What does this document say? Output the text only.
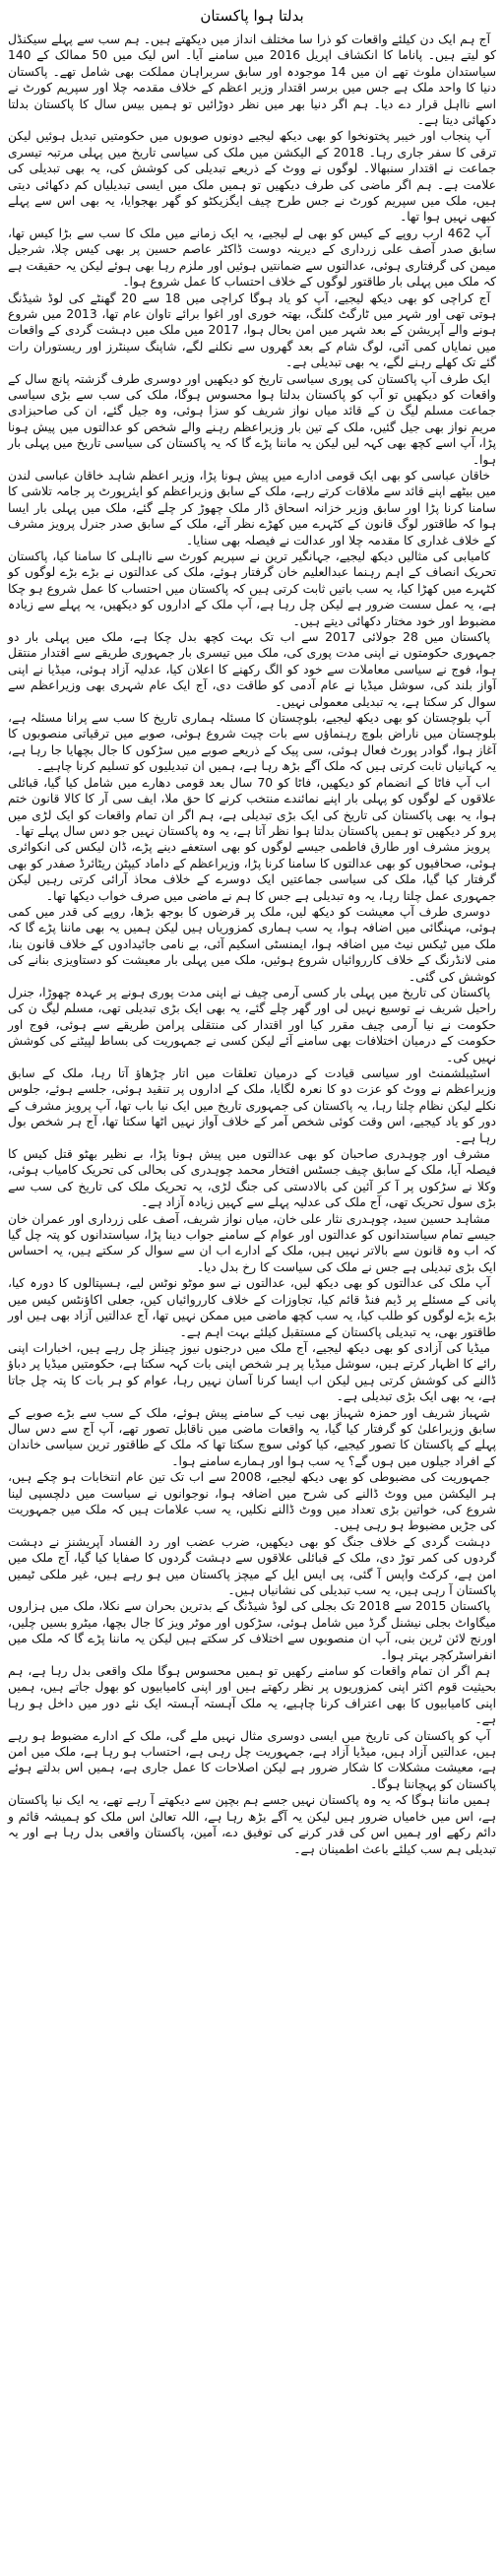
بدلتا ہوا پاکستان

آج ہم ایک دن کیلئے واقعات کو ذرا سا مختلف انداز میں دیکھتے ہیں۔ ہم سب سے پہلے سیکنڈل کو لیتے ہیں۔ پاناما کا انکشاف اپریل 2016 میں سامنے آیا۔ اس لیک میں 50 ممالک کے 140 سیاستدان ملوث تھے ان میں 14 موجودہ اور سابق سربراہان مملکت بھی شامل تھے۔ پاکستان دنیا کا واحد ملک ہے جس میں برسر اقتدار وزیر اعظم کے خلاف مقدمہ چلا اور سپریم کورٹ نے اسے نااہل قرار دے دیا۔ ہم اگر دنیا بھر میں نظر دوڑائیں تو ہمیں بیس سال کا پاکستان بدلتا دکھائی دیتا ہے۔

آپ پنجاب اور خیبر پختونخوا کو بھی دیکھ لیجیے دونوں صوبوں میں حکومتیں تبدیل ہوئیں لیکن ترقی کا سفر جاری رہا۔ 2018 کے الیکشن میں ملک کی سیاسی تاریخ میں پہلی مرتبہ تیسری جماعت نے اقتدار سنبھالا۔ لوگوں نے ووٹ کے ذریعے تبدیلی کی کوشش کی، یہ بھی تبدیلی کی علامت ہے۔ ہم اگر ماضی کی طرف دیکھیں تو ہمیں ملک میں ایسی تبدیلیاں کم دکھائی دیتی ہیں، ملک میں سپریم کورٹ نے جس طرح چیف ایگزیکٹو کو گھر بھجوایا، یہ بھی اس سے پہلے کبھی نہیں ہوا تھا۔

آپ 462 ارب روپے کے کیس کو بھی لے لیجیے، یہ ایک زمانے میں ملک کا سب سے بڑا کیس تھا، سابق صدر آصف علی زرداری کے دیرینہ دوست ڈاکٹر عاصم حسین پر بھی کیس چلا، شرجیل میمن کی گرفتاری ہوئی، عدالتوں سے ضمانتیں ہوئیں اور ملزم رہا بھی ہوئے لیکن یہ حقیقت ہے کہ ملک میں پہلی بار طاقتور لوگوں کے خلاف احتساب کا عمل شروع ہوا۔

آج کراچی کو بھی دیکھ لیجیے، آپ کو یاد ہوگا کراچی میں 18 سے 20 گھنٹے کی لوڈ شیڈنگ ہوتی تھی اور شہر میں ٹارگٹ کلنگ، بھتہ خوری اور اغوا برائے تاوان عام تھا، 2013 میں شروع ہونے والے آپریشن کے بعد شہر میں امن بحال ہوا، 2017 میں ملک میں دہشت گردی کے واقعات میں نمایاں کمی آئی، لوگ شام کے بعد گھروں سے نکلنے لگے، شاپنگ سینٹرز اور ریستوران رات گئے تک کھلے رہنے لگے، یہ بھی تبدیلی ہے۔

ایک طرف آپ پاکستان کی پوری سیاسی تاریخ کو دیکھیں اور دوسری طرف گزشتہ پانچ سال کے واقعات کو دیکھیں تو آپ کو پاکستان بدلتا ہوا محسوس ہوگا، ملک کی سب سے بڑی سیاسی جماعت مسلم لیگ ن کے قائد میاں نواز شریف کو سزا ہوئی، وہ جیل گئے، ان کی صاحبزادی مریم نواز بھی جیل گئیں، ملک کے تین بار وزیراعظم رہنے والے شخص کو عدالتوں میں پیش ہونا پڑا، آپ اسے کچھ بھی کہہ لیں لیکن یہ ماننا پڑے گا کہ یہ پاکستان کی سیاسی تاریخ میں پہلی بار ہوا۔

خاقان عباسی کو بھی ایک قومی ادارے میں پیش ہونا پڑا، وزیر اعظم شاہد خاقان عباسی لندن میں بیٹھے اپنے قائد سے ملاقات کرتے رہے، ملک کے سابق وزیراعظم کو ایئرپورٹ پر جامہ تلاشی کا سامنا کرنا پڑا اور سابق وزیر خزانہ اسحاق ڈار ملک چھوڑ کر چلے گئے، ملک میں پہلی بار ایسا ہوا کہ طاقتور لوگ قانون کے کٹہرے میں کھڑے نظر آئے، ملک کے سابق صدر جنرل پرویز مشرف کے خلاف غداری کا مقدمہ چلا اور عدالت نے فیصلہ بھی سنایا۔

کامیابی کی مثالیں دیکھ لیجیے، جہانگیر ترین نے سپریم کورٹ سے نااہلی کا سامنا کیا، پاکستان تحریک انصاف کے اہم رہنما عبدالعلیم خان گرفتار ہوئے، ملک کی عدالتوں نے بڑے بڑے لوگوں کو کٹہرے میں کھڑا کیا، یہ سب باتیں ثابت کرتی ہیں کہ پاکستان میں احتساب کا عمل شروع ہو چکا ہے، یہ عمل سست ضرور ہے لیکن چل رہا ہے، آپ ملک کے اداروں کو دیکھیں، یہ پہلے سے زیادہ مضبوط اور خود مختار دکھائی دیتے ہیں۔

پاکستان میں 28 جولائی 2017 سے اب تک بہت کچھ بدل چکا ہے، ملک میں پہلی بار دو جمہوری حکومتوں نے اپنی مدت پوری کی، ملک میں تیسری بار جمہوری طریقے سے اقتدار منتقل ہوا، فوج نے سیاسی معاملات سے خود کو الگ رکھنے کا اعلان کیا، عدلیہ آزاد ہوئی، میڈیا نے اپنی آواز بلند کی، سوشل میڈیا نے عام آدمی کو طاقت دی، آج ایک عام شہری بھی وزیراعظم سے سوال کر سکتا ہے، یہ تبدیلی معمولی نہیں۔

آپ بلوچستان کو بھی دیکھ لیجیے، بلوچستان کا مسئلہ ہماری تاریخ کا سب سے پرانا مسئلہ ہے، بلوچستان میں ناراض بلوچ رہنماؤں سے بات چیت شروع ہوئی، صوبے میں ترقیاتی منصوبوں کا آغاز ہوا، گوادر پورٹ فعال ہوئی، سی پیک کے ذریعے صوبے میں سڑکوں کا جال بچھایا جا رہا ہے، یہ کہانیاں ثابت کرتی ہیں کہ ملک آگے بڑھ رہا ہے، ہمیں ان تبدیلیوں کو تسلیم کرنا چاہیے۔

اب آپ فاٹا کے انضمام کو دیکھیں، فاٹا کو 70 سال بعد قومی دھارے میں شامل کیا گیا، قبائلی علاقوں کے لوگوں کو پہلی بار اپنے نمائندے منتخب کرنے کا حق ملا، ایف سی آر کا کالا قانون ختم ہوا، یہ بھی پاکستان کی تاریخ کی ایک بڑی تبدیلی ہے، ہم اگر ان تمام واقعات کو ایک لڑی میں پرو کر دیکھیں تو ہمیں پاکستان بدلتا ہوا نظر آتا ہے، یہ وہ پاکستان نہیں جو دس سال پہلے تھا۔

پرویز مشرف اور طارق فاطمی جیسے لوگوں کو بھی استعفے دینے پڑے، ڈان لیکس کی انکوائری ہوئی، صحافیوں کو بھی عدالتوں کا سامنا کرنا پڑا، وزیراعظم کے داماد کیپٹن ریٹائرڈ صفدر کو بھی گرفتار کیا گیا، ملک کی سیاسی جماعتیں ایک دوسرے کے خلاف محاذ آرائی کرتی رہیں لیکن جمہوری عمل چلتا رہا، یہ وہ تبدیلی ہے جس کا ہم نے ماضی میں صرف خواب دیکھا تھا۔

دوسری طرف آپ معیشت کو دیکھ لیں، ملک پر قرضوں کا بوجھ بڑھا، روپے کی قدر میں کمی ہوئی، مہنگائی میں اضافہ ہوا، یہ سب ہماری کمزوریاں ہیں لیکن ہمیں یہ بھی ماننا پڑے گا کہ ملک میں ٹیکس نیٹ میں اضافہ ہوا، ایمنسٹی اسکیم آئی، بے نامی جائیدادوں کے خلاف قانون بنا، منی لانڈرنگ کے خلاف کارروائیاں شروع ہوئیں، ملک میں پہلی بار معیشت کو دستاویزی بنانے کی کوشش کی گئی۔

پاکستان کی تاریخ میں پہلی بار کسی آرمی چیف نے اپنی مدت پوری ہونے پر عہدہ چھوڑا، جنرل راحیل شریف نے توسیع نہیں لی اور گھر چلے گئے، یہ بھی ایک بڑی تبدیلی تھی، مسلم لیگ ن کی حکومت نے نیا آرمی چیف مقرر کیا اور اقتدار کی منتقلی پرامن طریقے سے ہوئی، فوج اور حکومت کے درمیان اختلافات بھی سامنے آئے لیکن کسی نے جمہوریت کی بساط لپیٹنے کی کوشش نہیں کی۔

اسٹیبلشمنٹ اور سیاسی قیادت کے درمیان تعلقات میں اتار چڑھاؤ آتا رہا، ملک کے سابق وزیراعظم نے ووٹ کو عزت دو کا نعرہ لگایا، ملک کے اداروں پر تنقید ہوئی، جلسے ہوئے، جلوس نکلے لیکن نظام چلتا رہا، یہ پاکستان کی جمہوری تاریخ میں ایک نیا باب تھا، آپ پرویز مشرف کے دور کو یاد کیجیے، اس وقت کوئی شخص آمر کے خلاف آواز نہیں اٹھا سکتا تھا، آج ہر شخص بول رہا ہے۔

مشرف اور چوہدری صاحبان کو بھی عدالتوں میں پیش ہونا پڑا، بے نظیر بھٹو قتل کیس کا فیصلہ آیا، ملک کے سابق چیف جسٹس افتخار محمد چوہدری کی بحالی کی تحریک کامیاب ہوئی، وکلا نے سڑکوں پر آ کر آئین کی بالادستی کی جنگ لڑی، یہ تحریک ملک کی تاریخ کی سب سے بڑی سول تحریک تھی، آج ملک کی عدلیہ پہلے سے کہیں زیادہ آزاد ہے۔

مشاہد حسین سید، چوہدری نثار علی خان، میاں نواز شریف، آصف علی زرداری اور عمران خان جیسے تمام سیاستدانوں کو عدالتوں اور عوام کے سامنے جواب دینا پڑا، سیاستدانوں کو پتہ چل گیا کہ اب وہ قانون سے بالاتر نہیں ہیں، ملک کے ادارے اب ان سے سوال کر سکتے ہیں، یہ احساس ایک بڑی تبدیلی ہے جس نے ملک کی سیاست کا رخ بدل دیا۔

آپ ملک کی عدالتوں کو بھی دیکھ لیں، عدالتوں نے سو موٹو نوٹس لیے، ہسپتالوں کا دورہ کیا، پانی کے مسئلے پر ڈیم فنڈ قائم کیا، تجاوزات کے خلاف کارروائیاں کیں، جعلی اکاؤنٹس کیس میں بڑے بڑے لوگوں کو طلب کیا، یہ سب کچھ ماضی میں ممکن نہیں تھا، آج عدالتیں آزاد بھی ہیں اور طاقتور بھی، یہ تبدیلی پاکستان کے مستقبل کیلئے بہت اہم ہے۔

میڈیا کی آزادی کو بھی دیکھ لیجیے، آج ملک میں درجنوں نیوز چینلز چل رہے ہیں، اخبارات اپنی رائے کا اظہار کرتے ہیں، سوشل میڈیا پر ہر شخص اپنی بات کہہ سکتا ہے، حکومتیں میڈیا پر دباؤ ڈالنے کی کوشش کرتی ہیں لیکن اب ایسا کرنا آسان نہیں رہا، عوام کو ہر بات کا پتہ چل جاتا ہے، یہ بھی ایک بڑی تبدیلی ہے۔

شہباز شریف اور حمزہ شہباز بھی نیب کے سامنے پیش ہوئے، ملک کے سب سے بڑے صوبے کے سابق وزیراعلیٰ کو گرفتار کیا گیا، یہ واقعات ماضی میں ناقابل تصور تھے، آپ آج سے دس سال پہلے کے پاکستان کا تصور کیجیے، کیا کوئی سوچ سکتا تھا کہ ملک کے طاقتور ترین سیاسی خاندان کے افراد جیلوں میں ہوں گے؟ یہ سب ہوا اور ہمارے سامنے ہوا۔

جمہوریت کی مضبوطی کو بھی دیکھ لیجیے، 2008 سے اب تک تین عام انتخابات ہو چکے ہیں، ہر الیکشن میں ووٹ ڈالنے کی شرح میں اضافہ ہوا، نوجوانوں نے سیاست میں دلچسپی لینا شروع کی، خواتین بڑی تعداد میں ووٹ ڈالنے نکلیں، یہ سب علامات ہیں کہ ملک میں جمہوریت کی جڑیں مضبوط ہو رہی ہیں۔

دہشت گردی کے خلاف جنگ کو بھی دیکھیں، ضرب عضب اور رد الفساد آپریشنز نے دہشت گردوں کی کمر توڑ دی، ملک کے قبائلی علاقوں سے دہشت گردوں کا صفایا کیا گیا، آج ملک میں امن ہے، کرکٹ واپس آ گئی، پی ایس ایل کے میچز پاکستان میں ہو رہے ہیں، غیر ملکی ٹیمیں پاکستان آ رہی ہیں، یہ سب تبدیلی کی نشانیاں ہیں۔

پاکستان 2015 سے 2018 تک بجلی کی لوڈ شیڈنگ کے بدترین بحران سے نکلا، ملک میں ہزاروں میگاواٹ بجلی نیشنل گرڈ میں شامل ہوئی، سڑکوں اور موٹر ویز کا جال بچھا، میٹرو بسیں چلیں، اورنج لائن ٹرین بنی، آپ ان منصوبوں سے اختلاف کر سکتے ہیں لیکن یہ ماننا پڑے گا کہ ملک میں انفراسٹرکچر بہتر ہوا۔

ہم اگر ان تمام واقعات کو سامنے رکھیں تو ہمیں محسوس ہوگا ملک واقعی بدل رہا ہے، ہم بحیثیت قوم اکثر اپنی کمزوریوں پر نظر رکھتے ہیں اور اپنی کامیابیوں کو بھول جاتے ہیں، ہمیں اپنی کامیابیوں کا بھی اعتراف کرنا چاہیے، یہ ملک آہستہ آہستہ ایک نئے دور میں داخل ہو رہا ہے۔

آپ کو پاکستان کی تاریخ میں ایسی دوسری مثال نہیں ملے گی، ملک کے ادارے مضبوط ہو رہے ہیں، عدالتیں آزاد ہیں، میڈیا آزاد ہے، جمہوریت چل رہی ہے، احتساب ہو رہا ہے، ملک میں امن ہے، معیشت مشکلات کا شکار ضرور ہے لیکن اصلاحات کا عمل جاری ہے، ہمیں اس بدلتے ہوئے پاکستان کو پہچاننا ہوگا۔

ہمیں ماننا ہوگا کہ یہ وہ پاکستان نہیں جسے ہم بچپن سے دیکھتے آ رہے تھے، یہ ایک نیا پاکستان ہے، اس میں خامیاں ضرور ہیں لیکن یہ آگے بڑھ رہا ہے، اللہ تعالیٰ اس ملک کو ہمیشہ قائم و دائم رکھے اور ہمیں اس کی قدر کرنے کی توفیق دے، آمین، پاکستان واقعی بدل رہا ہے اور یہ تبدیلی ہم سب کیلئے باعث اطمینان ہے۔
